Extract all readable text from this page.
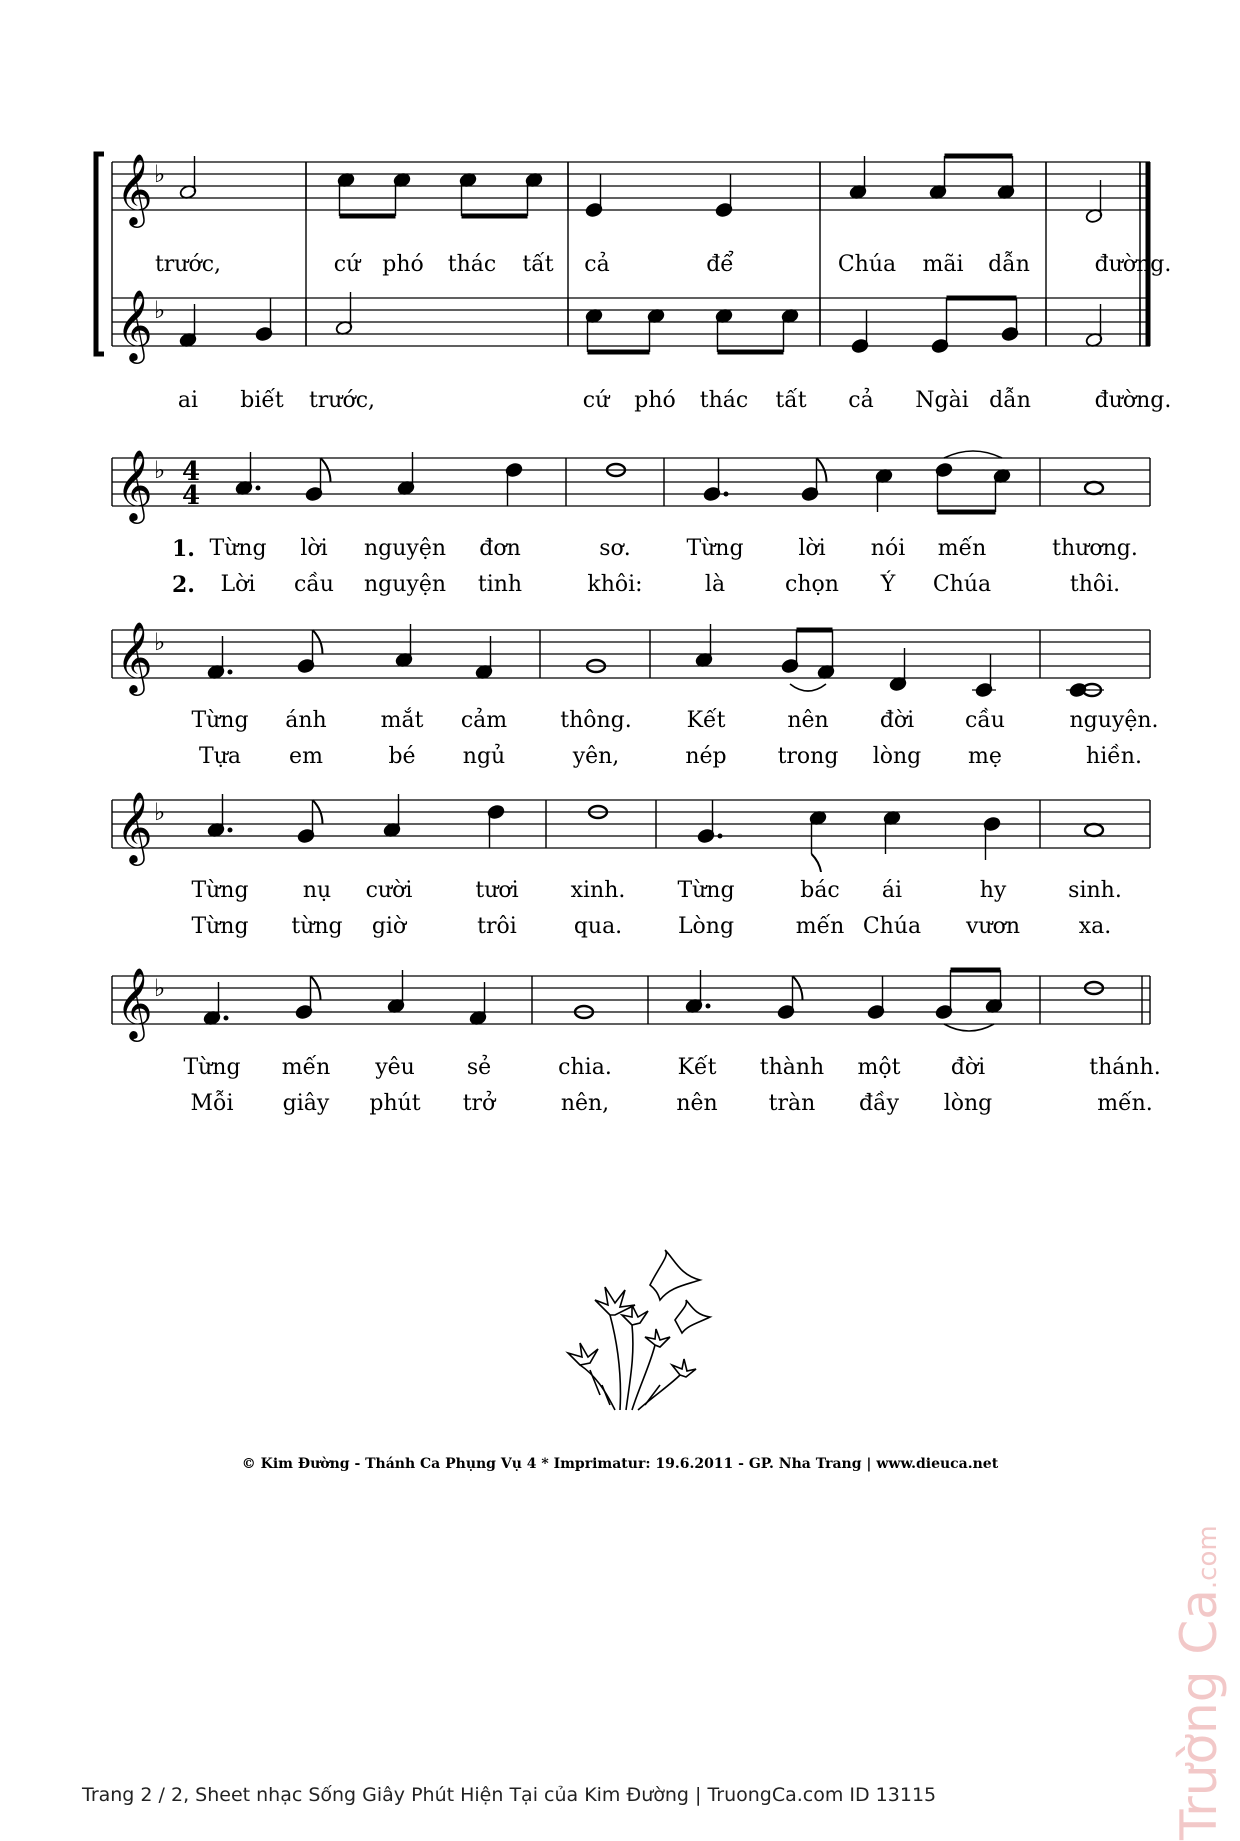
𝄞 ♭
𝄞 ♭
trước,	cứ phó thác tất cả	để	Chúa mãi dẫn	đường.
ai biết trước,	cứ phó thác tất cả Ngài dẫn	đường.
𝄞 ♭ 4
4
1. Từng lời nguyện đơn	sơ.	Từng lời nói mến	thương.
2. Lời cầu nguyện tinh	khôi:	là	chọn Ý Chúa	thôi.
𝄞 ♭
Từng ánh mắt cảm thông. Kết	nên đời cầu	nguyện.
Tựa em	bé ngủ	yên,	nép trong lòng mẹ	hiền.
𝄞 ♭
Từng nụ cười	tươi xinh. Từng	bác ái	hy	sinh.
Từng từng giờ	trôi	qua.	Lòng	mến Chúa vươn	xa.
𝄞 ♭
Từng mến yêu sẻ	chia.	Kết thành một đời	thánh.
Mỗi giây phút trở	nên,	nên tràn đầy lòng	mến.
© Kim Đường - Thánh Ca Phụng Vụ 4 * Imprimatur: 19.6.2011 - GP. Nha Trang | www.dieuca.net
Trang 2 / 2, Sheet nhạc Sống Giây Phút Hiện Tại của Kim Đường | TruongCa.com ID 13115	Trường Ca.com
